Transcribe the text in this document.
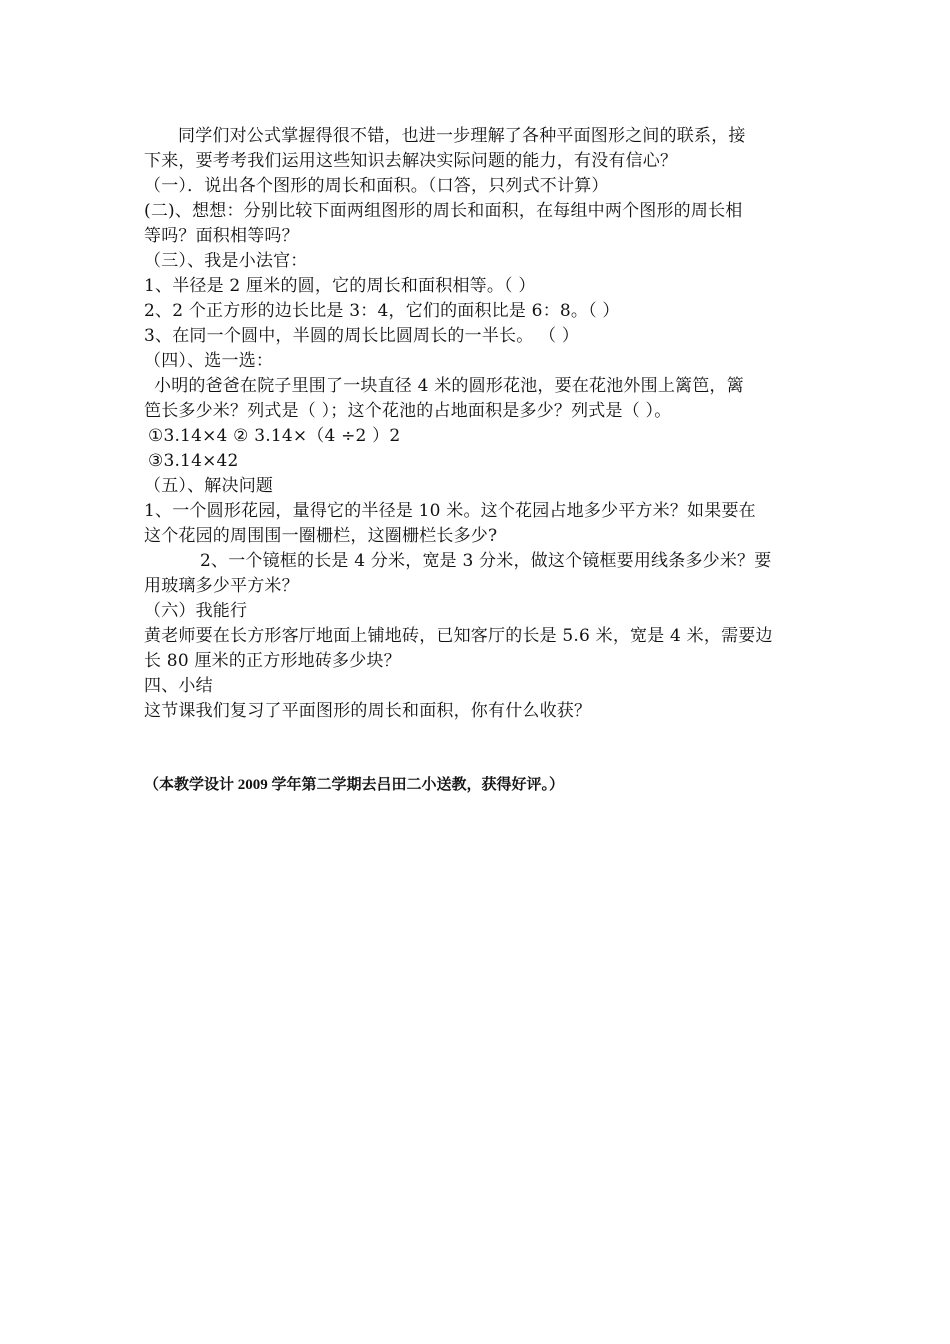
同学们对公式掌握得很不错，也进一步理解了各种平面图形之间的联系，接
下来，要考考我们运用这些知识去解决实际问题的能力，有没有信心？
（一）．说出各个图形的周长和面积。（口答，只列式不计算）
(二)、想想：分别比较下面两组图形的周长和面积，在每组中两个图形的周长相
等吗？面积相等吗？
（三）、我是小法官：
1、半径是 2 厘米的圆，它的周长和面积相等。（ ）
2、2 个正方形的边长比是 3：4，它们的面积比是 6：8。（ ）
3、在同一个圆中，半圆的周长比圆周长的一半长。 （ ）
（四）、选一选：
小明的爸爸在院子里围了一块直径 4 米的圆形花池，要在花池外围上篱笆，篱
笆长多少米？列式是（ ）；这个花池的占地面积是多少？列式是（ ）。
①3.14×4 ② 3.14×（4 ÷2 ）2
③3.14×42
（五）、解决问题
1、一个圆形花园，量得它的半径是 10 米。这个花园占地多少平方米？如果要在
这个花园的周围围一圈栅栏，这圈栅栏长多少?
2、一个镜框的长是 4 分米，宽是 3 分米，做这个镜框要用线条多少米？要
用玻璃多少平方米？
（六）我能行
黄老师要在长方形客厅地面上铺地砖，已知客厅的长是 5.6 米，宽是 4 米，需要边
长 80 厘米的正方形地砖多少块？
四、小结
这节课我们复习了平面图形的周长和面积，你有什么收获？
（本教学设计 2009 学年第二学期去吕田二小送教，获得好评。）
